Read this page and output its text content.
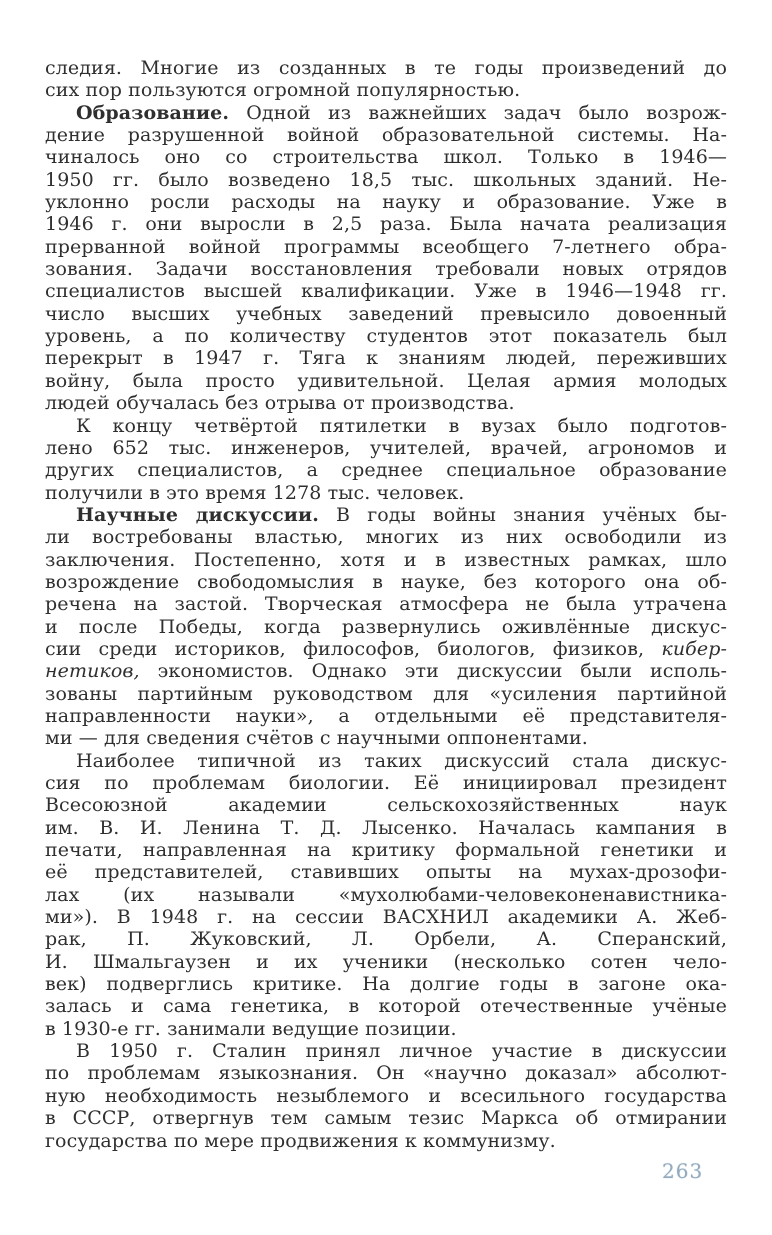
следия. Многие из созданных в те годы произведений до
сих пор пользуются огромной популярностью.
Образование. Одной из важнейших задач было возрож-
дение разрушенной войной образовательной системы. На-
чиналось оно со строительства школ. Только в 1946—
1950 гг. было возведено 18,5 тыс. школьных зданий. Не-
уклонно росли расходы на науку и образование. Уже в
1946 г. они выросли в 2,5 раза. Была начата реализация
прерванной войной программы всеобщего 7-летнего обра-
зования. Задачи восстановления требовали новых отрядов
специалистов высшей квалификации. Уже в 1946—1948 гг.
число высших учебных заведений превысило довоенный
уровень, а по количеству студентов этот показатель был
перекрыт в 1947 г. Тяга к знаниям людей, переживших
войну, была просто удивительной. Целая армия молодых
людей обучалась без отрыва от производства.
К концу четвёртой пятилетки в вузах было подготов-
лено 652 тыс. инженеров, учителей, врачей, агрономов и
других специалистов, а среднее специальное образование
получили в это время 1278 тыс. человек.
Научные дискуссии. В годы войны знания учёных бы-
ли востребованы властью, многих из них освободили из
заключения. Постепенно, хотя и в известных рамках, шло
возрождение свободомыслия в науке, без которого она об-
речена на застой. Творческая атмосфера не была утрачена
и после Победы, когда развернулись оживлённые дискус-
сии среди историков, философов, биологов, физиков, кибер-
нетиков, экономистов. Однако эти дискуссии были исполь-
зованы партийным руководством для «усиления партийной
направленности науки», а отдельными её представителя-
ми — для сведения счётов с научными оппонентами.
Наиболее типичной из таких дискуссий стала дискус-
сия по проблемам биологии. Её инициировал президент
Всесоюзной академии сельскохозяйственных наук
им. В. И. Ленина Т. Д. Лысенко. Началась кампания в
печати, направленная на критику формальной генетики и
её представителей, ставивших опыты на мухах-дрозофи-
лах (их называли «мухолюбами-человеконенавистника-
ми»). В 1948 г. на сессии ВАСХНИЛ академики А. Жеб-
рак, П. Жуковский, Л. Орбели, А. Сперанский,
И. Шмальгаузен и их ученики (несколько сотен чело-
век) подверглись критике. На долгие годы в загоне ока-
залась и сама генетика, в которой отечественные учёные
в 1930-е гг. занимали ведущие позиции.
В 1950 г. Сталин принял личное участие в дискуссии
по проблемам языкознания. Он «научно доказал» абсолют-
ную необходимость незыблемого и всесильного государства
в СССР, отвергнув тем самым тезис Маркса об отмирании
государства по мере продвижения к коммунизму.
263
